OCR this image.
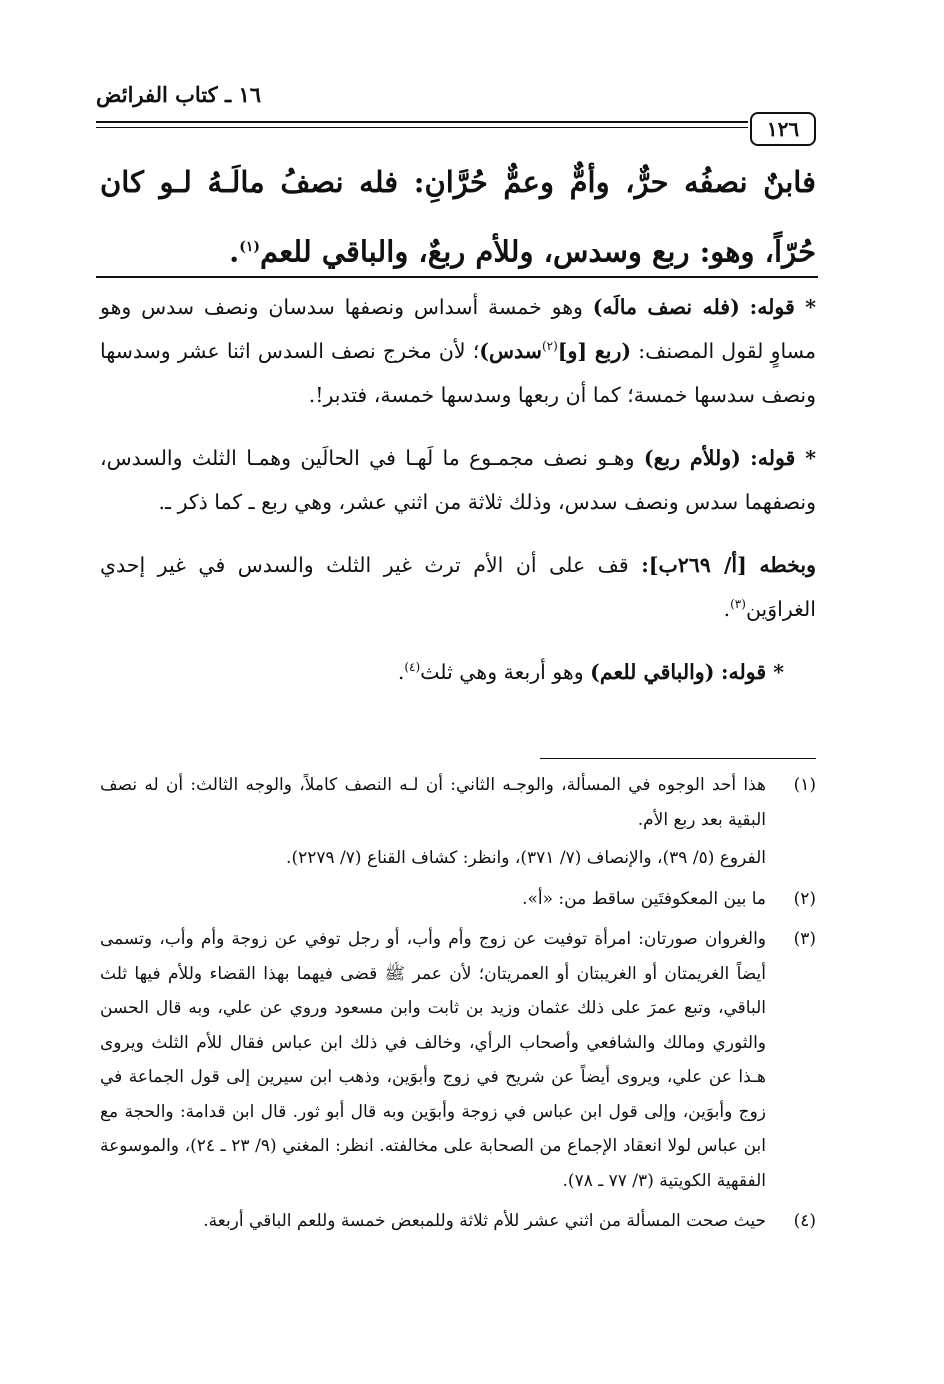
١٦ ـ كتاب الفرائض
١٢٦
فابنٌ نصفُه حرٌّ، وأمٌّ وعمٌّ حُرَّانِ: فله نصفُ مالَـهُ لـو كان حُرّاً، وهو: ربع وسدس، وللأم ربعٌ، والباقي للعم$^{(١)}$.

* قوله: (فله نصف مالَه) وهو خمسة أسداس ونصفها سدسان ونصف سدس وهو مساوٍ لقول المصنف: (ربع [و]$^{(٢)}$سدس)؛ لأن مخرج نصف السدس اثنا عشر وسدسها ونصف سدسها خمسة؛ كما أن ربعها وسدسها خمسة، فتدبر!.

* قوله: (وللأم ربع) وهـو نصف مجمـوع ما لَهـا في الحالَين وهمـا الثلث والسدس، ونصفهما سدس ونصف سدس، وذلك ثلاثة من اثني عشر، وهي ربع ـ كما ذكر ـ.

وبخطه [أ/ ٢٦٩ب]: قف على أن الأم ترث غير الثلث والسدس في غير إحدي الغراوَين$^{(٣)}$.

* قوله: (والباقي للعم) وهو أربعة وهي ثلث$^{(٤)}$.

(١)

هذا أحد الوجوه في المسألة، والوجـه الثاني: أن لـه النصف كاملاً، والوجه الثالث: أن له نصف البقية بعد ربع الأم.

الفروع (٥/ ٣٩)، والإنصاف (٧/ ٣٧١)، وانظر: كشاف القناع (٧/ ٢٢٧٩).

(٢)

ما بين المعكوفتَين ساقط من: «أ».

(٣)

والغروان صورتان: امرأة توفيت عن زوج وأم وأب، أو رجل توفي عن زوجة وأم وأب، وتسمى أيضاً الغريمتان أو الغريبتان أو العمريتان؛ لأن عمر ﷺ قضى فيهما بهذا القضاء وللأم فيها ثلث الباقي، وتبع عمرَ على ذلك عثمان وزيد بن ثابت وابن مسعود وروي عن علي، وبه قال الحسن والثوري ومالك والشافعي وأصحاب الرأي، وخالف في ذلك ابن عباس فقال للأم الثلث ويروى هـذا عن علي، ويروى أيضاً عن شريح في زوج وأبوَين، وذهب ابن سيرين إلى قول الجماعة في زوج وأبوَين، وإلى قول ابن عباس في زوجة وأبوَين وبه قال أبو ثور. قال ابن قدامة: والحجة مع ابن عباس لولا انعقاد الإجماع من الصحابة على مخالفته. انظر: المغني (٩/ ٢٣ ـ ٢٤)، والموسوعة الفقهية الكويتية (٣/ ٧٧ ـ ٧٨).

(٤)

حيث صحت المسألة من اثني عشر للأم ثلاثة وللمبعض خمسة وللعم الباقي أربعة.
